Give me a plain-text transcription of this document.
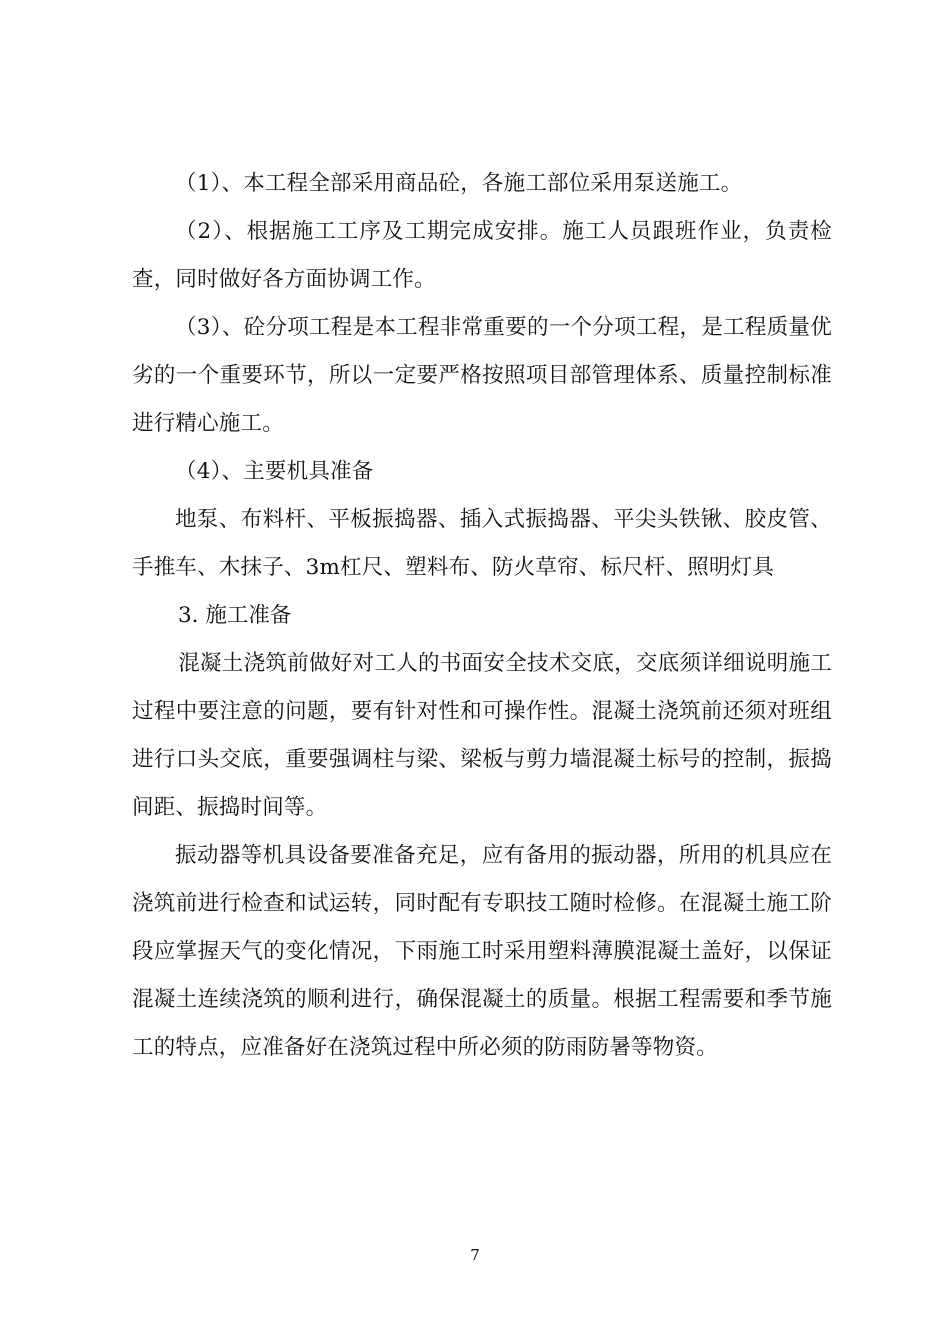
（1）、本工程全部采用商品砼，各施工部位采用泵送施工。

（2）、根据施工工序及工期完成安排。施工人员跟班作业，负责检查，同时做好各方面协调工作。

（3）、砼分项工程是本工程非常重要的一个分项工程，是工程质量优劣的一个重要环节，所以一定要严格按照项目部管理体系、质量控制标准进行精心施工。

（4）、主要机具准备

地泵、布料杆、平板振捣器、插入式振捣器、平尖头铁锹、胶皮管、手推车、木抹子、3m杠尺、塑料布、防火草帘、标尺杆、照明灯具

3. 施工准备

混凝土浇筑前做好对工人的书面安全技术交底，交底须详细说明施工过程中要注意的问题，要有针对性和可操作性。混凝土浇筑前还须对班组进行口头交底，重要强调柱与梁、梁板与剪力墙混凝土标号的控制，振捣间距、振捣时间等。

振动器等机具设备要准备充足，应有备用的振动器，所用的机具应在浇筑前进行检查和试运转，同时配有专职技工随时检修。在混凝土施工阶段应掌握天气的变化情况，下雨施工时采用塑料薄膜混凝土盖好，以保证混凝土连续浇筑的顺利进行，确保混凝土的质量。根据工程需要和季节施工的特点，应准备好在浇筑过程中所必须的防雨防暑等物资。

7
